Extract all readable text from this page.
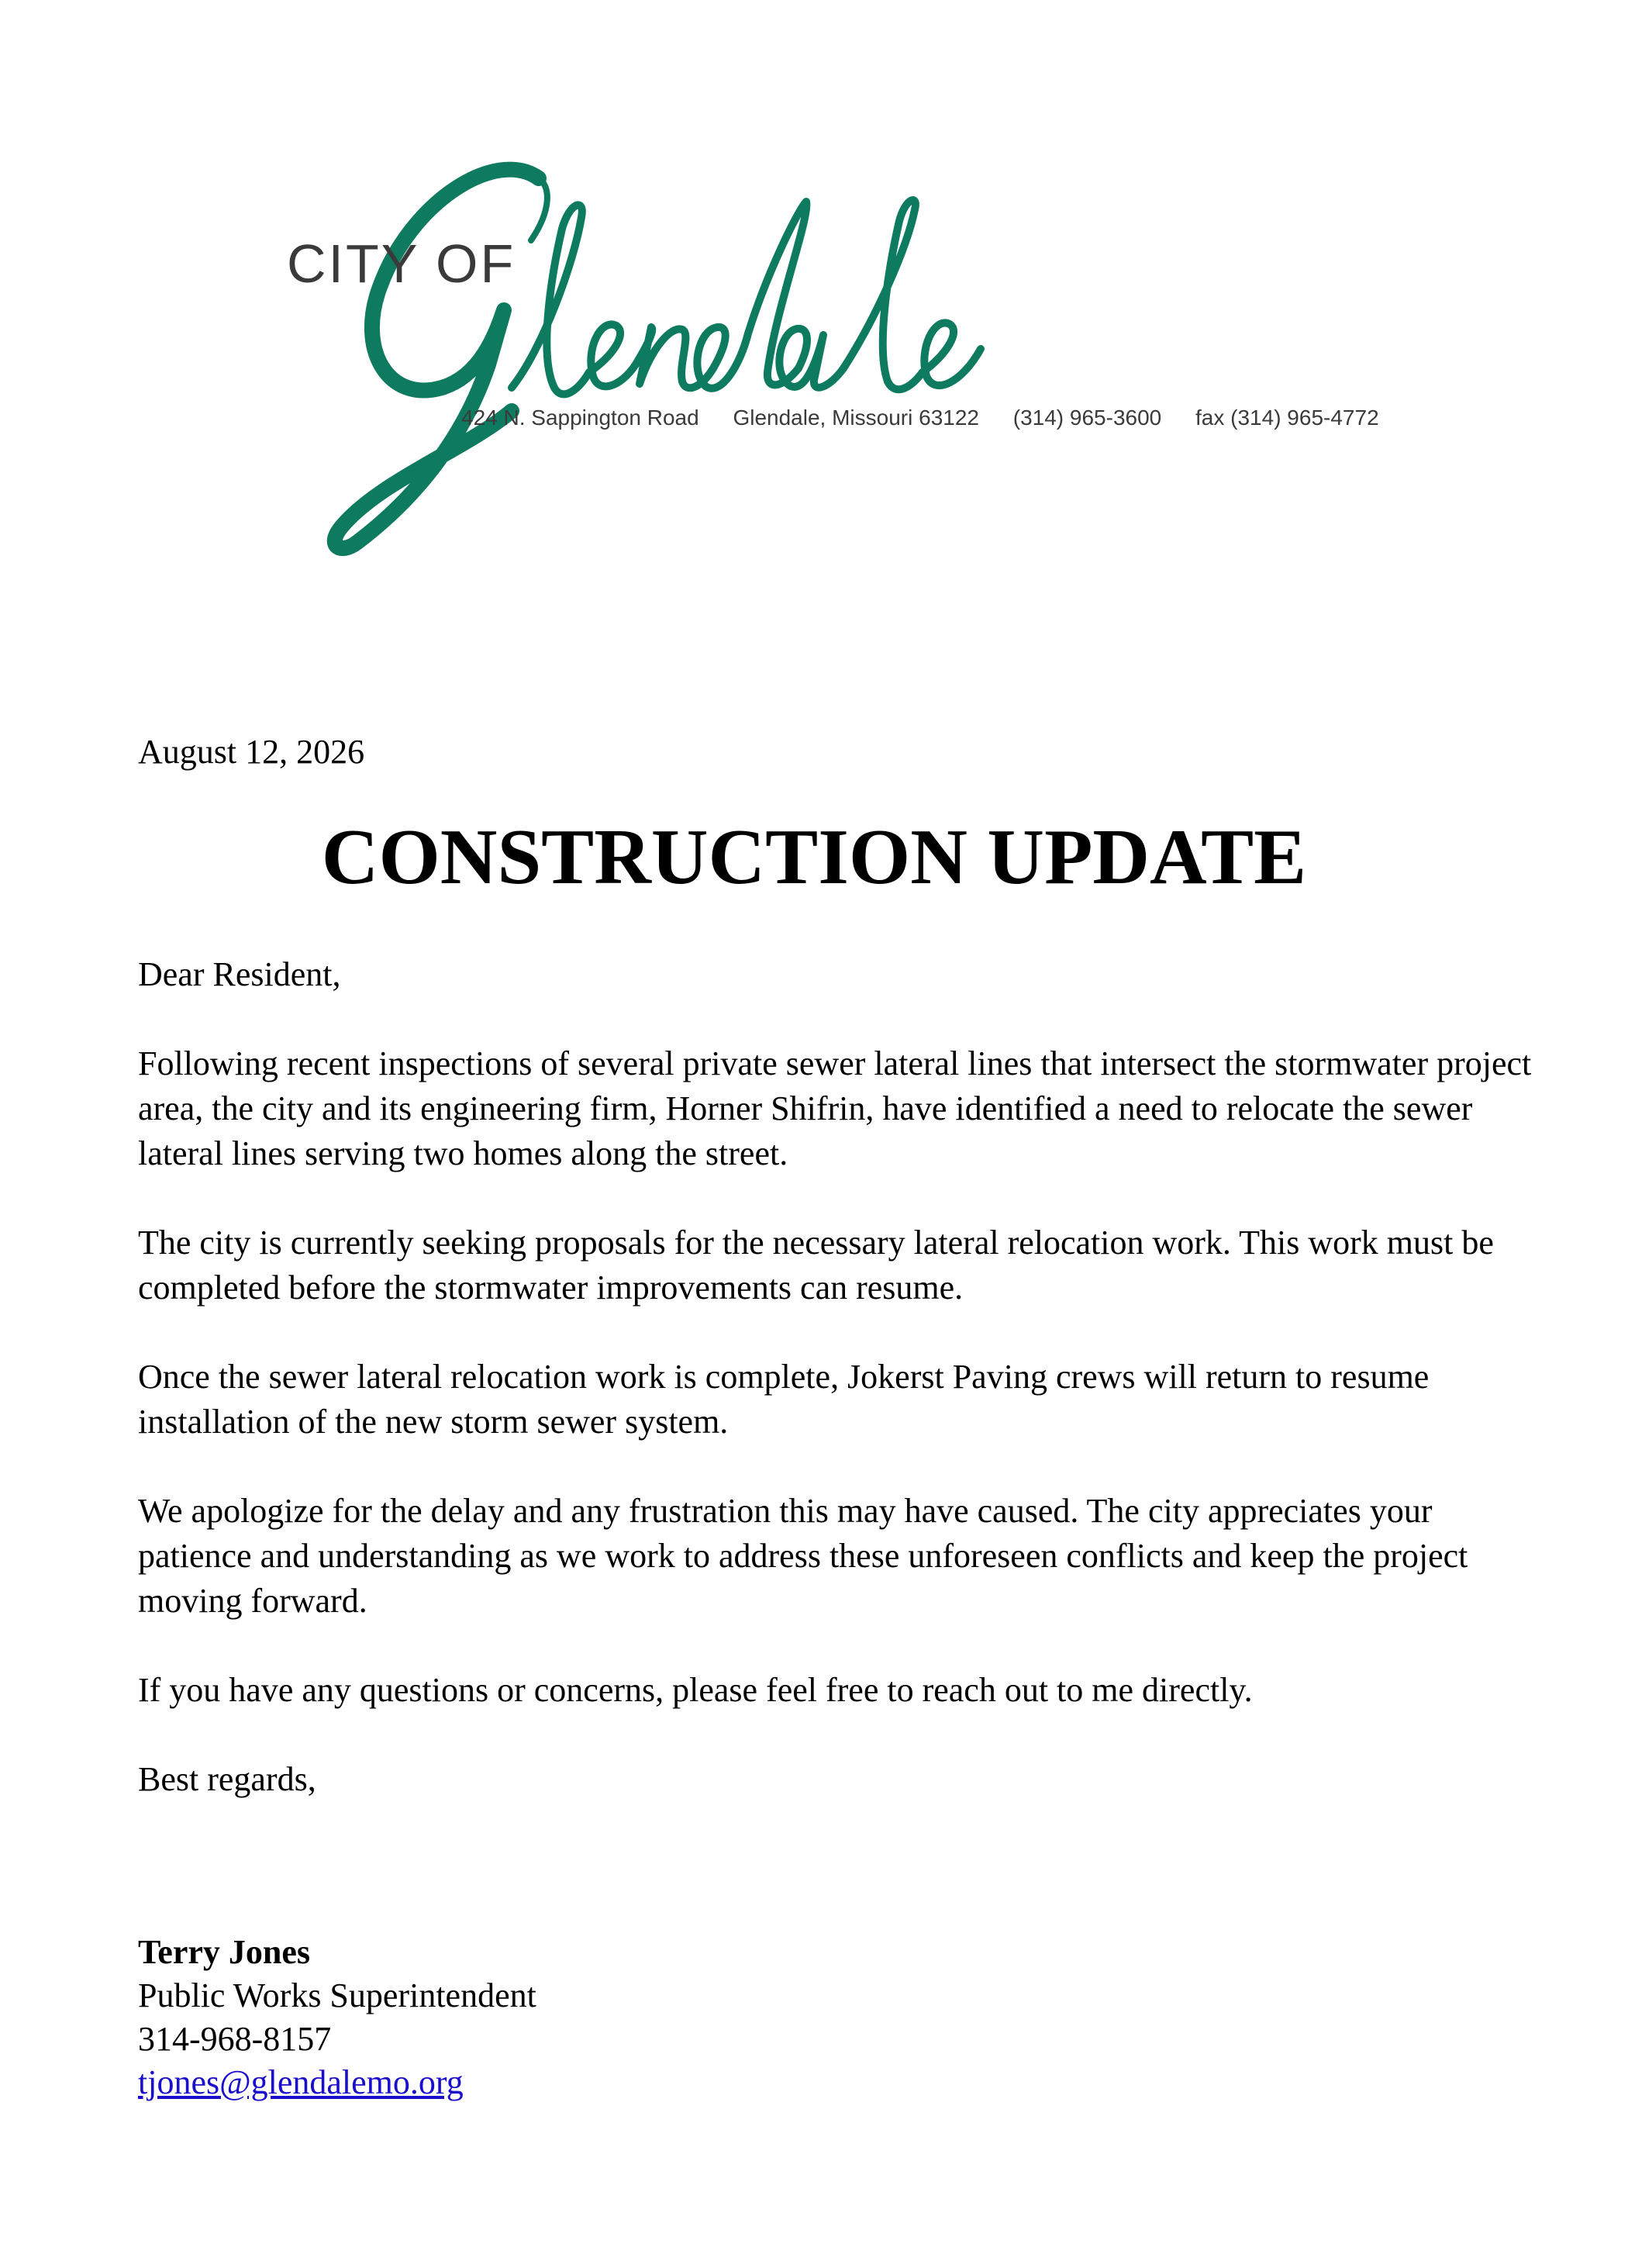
CITY OF
424 N. Sappington Road Glendale, Missouri 63122 (314) 965-3600 fax (314) 965-4772
August 12, 2026
CONSTRUCTION UPDATE

Dear Resident,

Following recent inspections of several private sewer lateral lines that intersect the stormwater project area, the city and its engineering firm, Horner Shifrin, have identified a need to relocate the sewer lateral lines serving two homes along the street.

The city is currently seeking proposals for the necessary lateral relocation work. This work must be completed before the stormwater improvements can resume.

Once the sewer lateral relocation work is complete, Jokerst Paving crews will return to resume installation of the new storm sewer system.

We apologize for the delay and any frustration this may have caused. The city appreciates your patience and understanding as we work to address these unforeseen conflicts and keep the project moving forward.

If you have any questions or concerns, please feel free to reach out to me directly.

Best regards,

Terry Jones
Public Works Superintendent
314-968-8157
tjones@glendalemo.org
